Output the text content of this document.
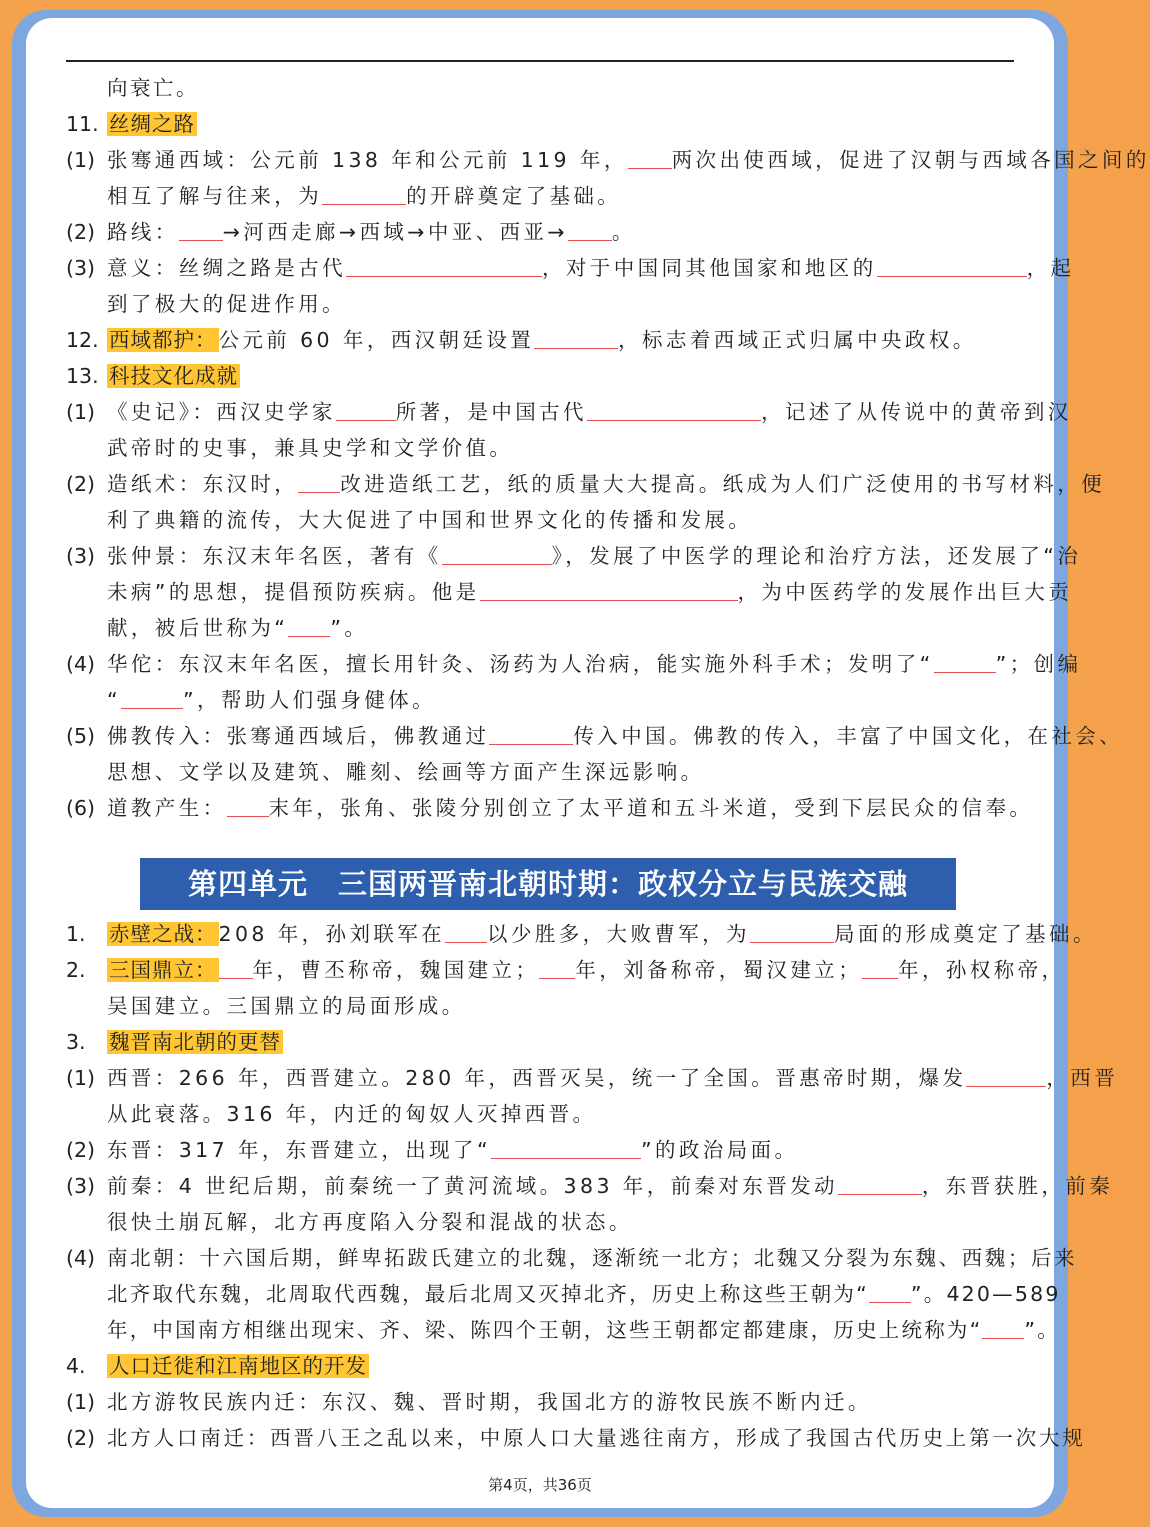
向衰亡。
11. 丝绸之路
(1) 张骞通西域：公元前 138 年和公元前 119 年， 两次出使西域，促进了汉朝与西域各国之间的
相互了解与往来，为	的开辟奠定了基础。
(2) 路线： →河西走廊→西域→中亚、西亚→ 。
(3) 意义：丝绸之路是古代	，对于中国同其他国家和地区的	，起
到了极大的促进作用。
12. 西域都护：公元前 60 年，西汉朝廷设置	，标志着西域正式归属中央政权。
13. 科技文化成就
(1) 《史记》：西汉史学家	所著，是中国古代	，记述了从传说中的黄帝到汉
武帝时的史事，兼具史学和文学价值。
(2) 造纸术：东汉时， 改进造纸工艺，纸的质量大大提高。纸成为人们广泛使用的书写材料，便
利了典籍的流传，大大促进了中国和世界文化的传播和发展。
(3) 张仲景：东汉末年名医，著有《	》，发展了中医学的理论和治疗方法，还发展了“治
未病”的思想，提倡预防疾病。他是	，为中医药学的发展作出巨大贡
献，被后世称为“ ”。
(4) 华佗：东汉末年名医，擅长用针灸、汤药为人治病，能实施外科手术；发明了“	”；创编
“	”，帮助人们强身健体。
(5) 佛教传入：张骞通西域后，佛教通过	传入中国。佛教的传入，丰富了中国文化，在社会、
思想、文学以及建筑、雕刻、绘画等方面产生深远影响。
(6) 道教产生： 末年，张角、张陵分别创立了太平道和五斗米道，受到下层民众的信奉。
1.	赤壁之战：208 年，孙刘联军在 以少胜多，大败曹军，为	局面的形成奠定了基础。
2.	三国鼎立： 年，曹丕称帝，魏国建立； 年，刘备称帝，蜀汉建立； 年，孙权称帝，
吴国建立。三国鼎立的局面形成。
3.	魏晋南北朝的更替
(1) 西晋：266 年，西晋建立。280 年，西晋灭吴，统一了全国。晋惠帝时期，爆发	，西晋
从此衰落。316 年，内迁的匈奴人灭掉西晋。
(2) 东晋：317 年，东晋建立，出现了“	”的政治局面。
(3) 前秦：4 世纪后期，前秦统一了黄河流域。383 年，前秦对东晋发动	，东晋获胜，前秦
很快土崩瓦解，北方再度陷入分裂和混战的状态。
(4) 南北朝：十六国后期，鲜卑拓跋氏建立的北魏，逐渐统一北方；北魏又分裂为东魏、西魏；后来
北齐取代东魏，北周取代西魏，最后北周又灭掉北齐，历史上称这些王朝为“ ”。420—589
年，中国南方相继出现宋、齐、梁、陈四个王朝，这些王朝都定都建康，历史上统称为“ ”。
4.	人口迁徙和江南地区的开发
(1) 北方游牧民族内迁：东汉、魏、晋时期，我国北方的游牧民族不断内迁。
(2) 北方人口南迁：西晋八王之乱以来，中原人口大量逃往南方，形成了我国古代历史上第一次大规
第四单元　三国两晋南北朝时期：政权分立与民族交融
第4页，共36页
